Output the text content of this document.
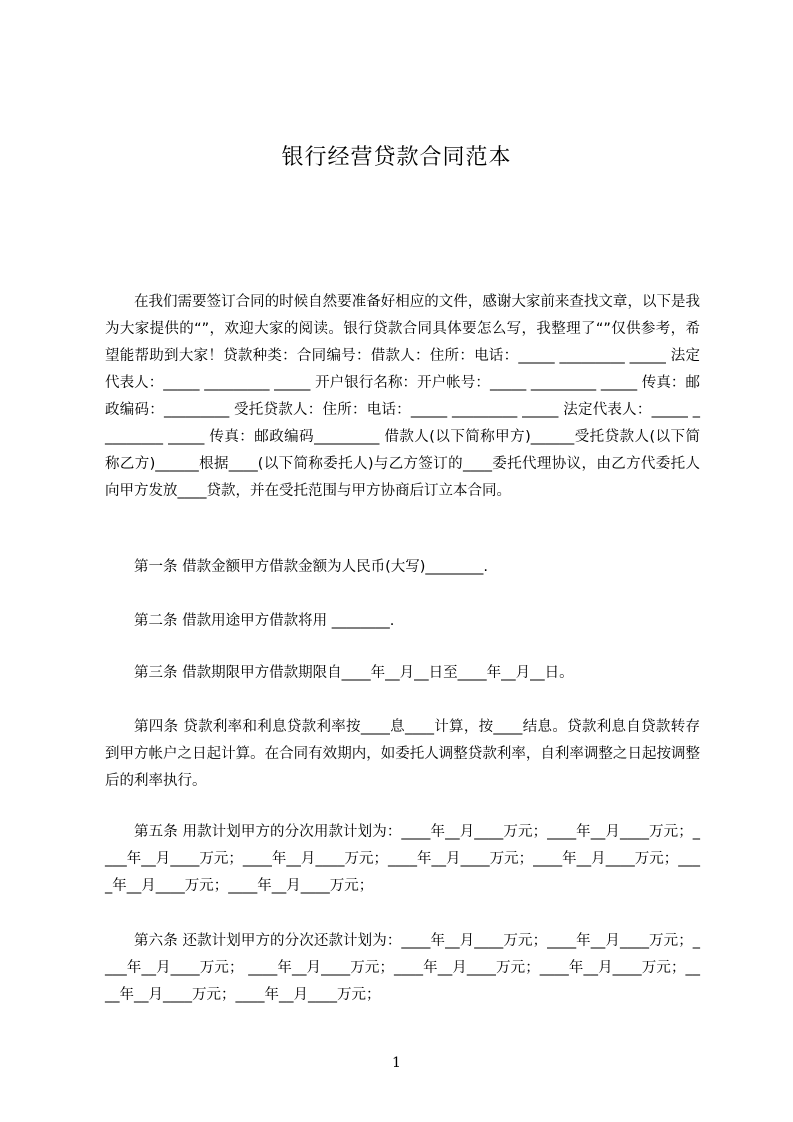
银行经营贷款合同范本
在我们需要签订合同的时候自然要准备好相应的文件，感谢大家前来查找文章，以下是我为大家提供的“”，欢迎大家的阅读。银行贷款合同具体要怎么写，我整理了“”仅供参考，希望能帮助到大家！贷款种类：合同编号：借款人：住所：电话：_____ _________ _____ 法定代表人：_____ _________ _____ 开户银行名称：开户帐号：_____ _________ _____ 传真：邮政编码：_________ 受托贷款人：住所：电话：_____ _________ _____ 法定代表人：_____ _________ _____ 传真：邮政编码_________ 借款人(以下简称甲方)______受托贷款人(以下简称乙方)______根据____(以下简称委托人)与乙方签订的____委托代理协议，由乙方代委托人向甲方发放____贷款，并在受托范围与甲方协商后订立本合同。
第一条 借款金额甲方借款金额为人民币(大写)________.
第二条 借款用途甲方借款将用 ________.
第三条 借款期限甲方借款期限自____年__月__日至____年__月__日。
第四条 贷款利率和利息贷款利率按____息____计算，按____结息。贷款利息自贷款转存到甲方帐户之日起计算。在合同有效期内，如委托人调整贷款利率，自利率调整之日起按调整后的利率执行。
第五条 用款计划甲方的分次用款计划为：____年__月____万元；____年__月____万元；____年__月____万元；____年__月____万元；____年__月____万元；____年__月____万元；____年__月____万元；____年__月____万元；
第六条 还款计划甲方的分次还款计划为：____年__月____万元；____年__月____万元；____年__月____万元； ____年__月____万元；____年__月____万元；____年__月____万元；____年__月____万元；____年__月____万元；
1
